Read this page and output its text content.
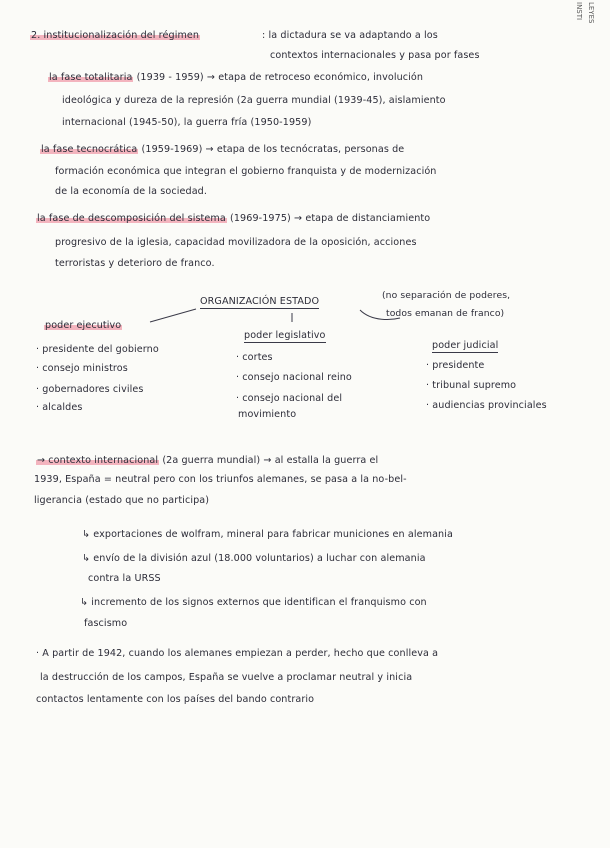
INSTI LEYES
2. institucionalización del régimen	: la dictadura se va adaptando a los
contextos internacionales y pasa por fases
la fase totalitaria (1939 - 1959) → etapa de retroceso económico, involución
ideológica y dureza de la represión (2a guerra mundial (1939-45), aislamiento
internacional (1945-50), la guerra fría (1950-1959)
la fase tecnocrática (1959-1969) → etapa de los tecnócratas, personas de
formación económica que integran el gobierno franquista y de modernización
de la economía de la sociedad.
la fase de descomposición del sistema (1969-1975) → etapa de distanciamiento
progresivo de la iglesia, capacidad movilizadora de la oposición, acciones
terroristas y deterioro de franco.
ORGANIZACIÓN ESTADO
(no separación de poderes,
todos emanan de franco)
poder ejecutivo
· presidente del gobierno
· consejo ministros
· gobernadores civiles
· alcaldes
poder legislativo
· cortes
· consejo nacional reino
· consejo nacional del
movimiento
poder judicial
· presidente
· tribunal supremo
· audiencias provinciales
→ contexto internacional (2a guerra mundial) → al estalla la guerra el
1939, España = neutral pero con los triunfos alemanes, se pasa a la no-bel-
ligerancia (estado que no participa)
↳ exportaciones de wolfram, mineral para fabricar municiones en alemania
↳ envío de la división azul (18.000 voluntarios) a luchar con alemania
contra la URSS
↳ incremento de los signos externos que identifican el franquismo con
fascismo
· A partir de 1942, cuando los alemanes empiezan a perder, hecho que conlleva a
la destrucción de los campos, España se vuelve a proclamar neutral y inicia
contactos lentamente con los países del bando contrario
